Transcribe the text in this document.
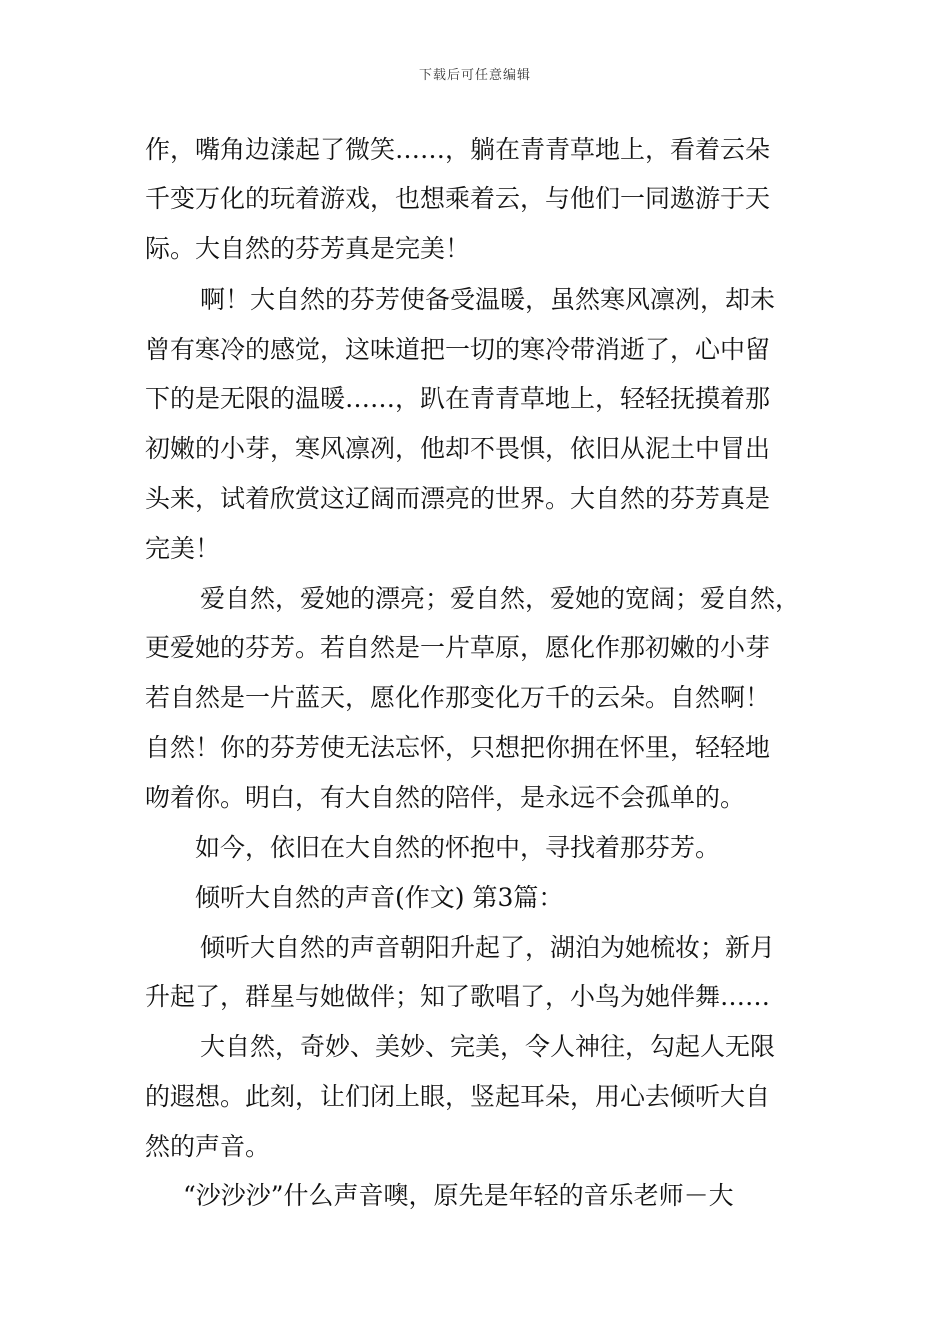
下载后可任意编辑
作，嘴角边漾起了微笑……，躺在青青草地上，看着云朵
千变万化的玩着游戏，也想乘着云，与他们一同遨游于天
际。大自然的芬芳真是完美！
啊！大自然的芬芳使备受温暖，虽然寒风凛冽，却未
曾有寒冷的感觉，这味道把一切的寒冷带消逝了，心中留
下的是无限的温暖……，趴在青青草地上，轻轻抚摸着那
初嫩的小芽，寒风凛冽，他却不畏惧，依旧从泥土中冒出
头来，试着欣赏这辽阔而漂亮的世界。大自然的芬芳真是
完美！
爱自然，爱她的漂亮；爱自然，爱她的宽阔；爱自然，
更爱她的芬芳。若自然是一片草原，愿化作那初嫩的小芽
若自然是一片蓝天，愿化作那变化万千的云朵。自然啊！
自然！你的芬芳使无法忘怀，只想把你拥在怀里，轻轻地
吻着你。明白，有大自然的陪伴，是永远不会孤单的。
如今，依旧在大自然的怀抱中，寻找着那芬芳。
倾听大自然的声音(作文) 第3篇：
倾听大自然的声音朝阳升起了，湖泊为她梳妆；新月
升起了，群星与她做伴；知了歌唱了，小鸟为她伴舞……
大自然，奇妙、美妙、完美，令人神往，勾起人无限
的遐想。此刻，让们闭上眼，竖起耳朵，用心去倾听大自
然的声音。
“沙沙沙”什么声音噢，原先是年轻的音乐老师－大
